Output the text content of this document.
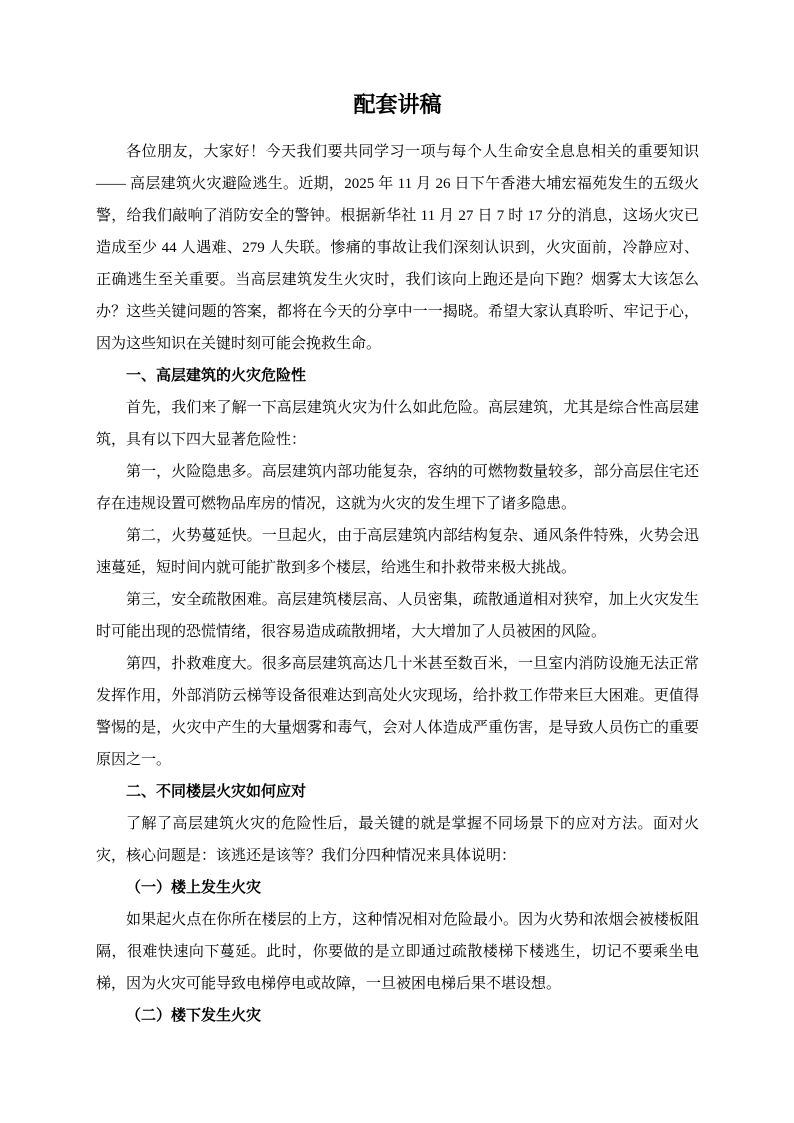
配套讲稿

各位朋友，大家好！今天我们要共同学习一项与每个人生命安全息息相关的重要知识 —— 高层建筑火灾避险逃生。近期，2025 年 11 月 26 日下午香港大埔宏福苑发生的五级火警，给我们敲响了消防安全的警钟。根据新华社 11 月 27 日 7 时 17 分的消息，这场火灾已造成至少 44 人遇难、279 人失联。惨痛的事故让我们深刻认识到，火灾面前，冷静应对、正确逃生至关重要。当高层建筑发生火灾时，我们该向上跑还是向下跑？烟雾太大该怎么办？这些关键问题的答案，都将在今天的分享中一一揭晓。希望大家认真聆听、牢记于心，因为这些知识在关键时刻可能会挽救生命。

一、高层建筑的火灾危险性

首先，我们来了解一下高层建筑火灾为什么如此危险。高层建筑，尤其是综合性高层建筑，具有以下四大显著危险性：

第一，火险隐患多。高层建筑内部功能复杂，容纳的可燃物数量较多，部分高层住宅还存在违规设置可燃物品库房的情况，这就为火灾的发生埋下了诸多隐患。

第二，火势蔓延快。一旦起火，由于高层建筑内部结构复杂、通风条件特殊，火势会迅速蔓延，短时间内就可能扩散到多个楼层，给逃生和扑救带来极大挑战。

第三，安全疏散困难。高层建筑楼层高、人员密集，疏散通道相对狭窄，加上火灾发生时可能出现的恐慌情绪，很容易造成疏散拥堵，大大增加了人员被困的风险。

第四，扑救难度大。很多高层建筑高达几十米甚至数百米，一旦室内消防设施无法正常发挥作用，外部消防云梯等设备很难达到高处火灾现场，给扑救工作带来巨大困难。更值得警惕的是，火灾中产生的大量烟雾和毒气，会对人体造成严重伤害，是导致人员伤亡的重要原因之一。

二、不同楼层火灾如何应对

了解了高层建筑火灾的危险性后，最关键的就是掌握不同场景下的应对方法。面对火灾，核心问题是：该逃还是该等？我们分四种情况来具体说明：

（一）楼上发生火灾

如果起火点在你所在楼层的上方，这种情况相对危险最小。因为火势和浓烟会被楼板阻隔，很难快速向下蔓延。此时，你要做的是立即通过疏散楼梯下楼逃生，切记不要乘坐电梯，因为火灾可能导致电梯停电或故障，一旦被困电梯后果不堪设想。

（二）楼下发生火灾
